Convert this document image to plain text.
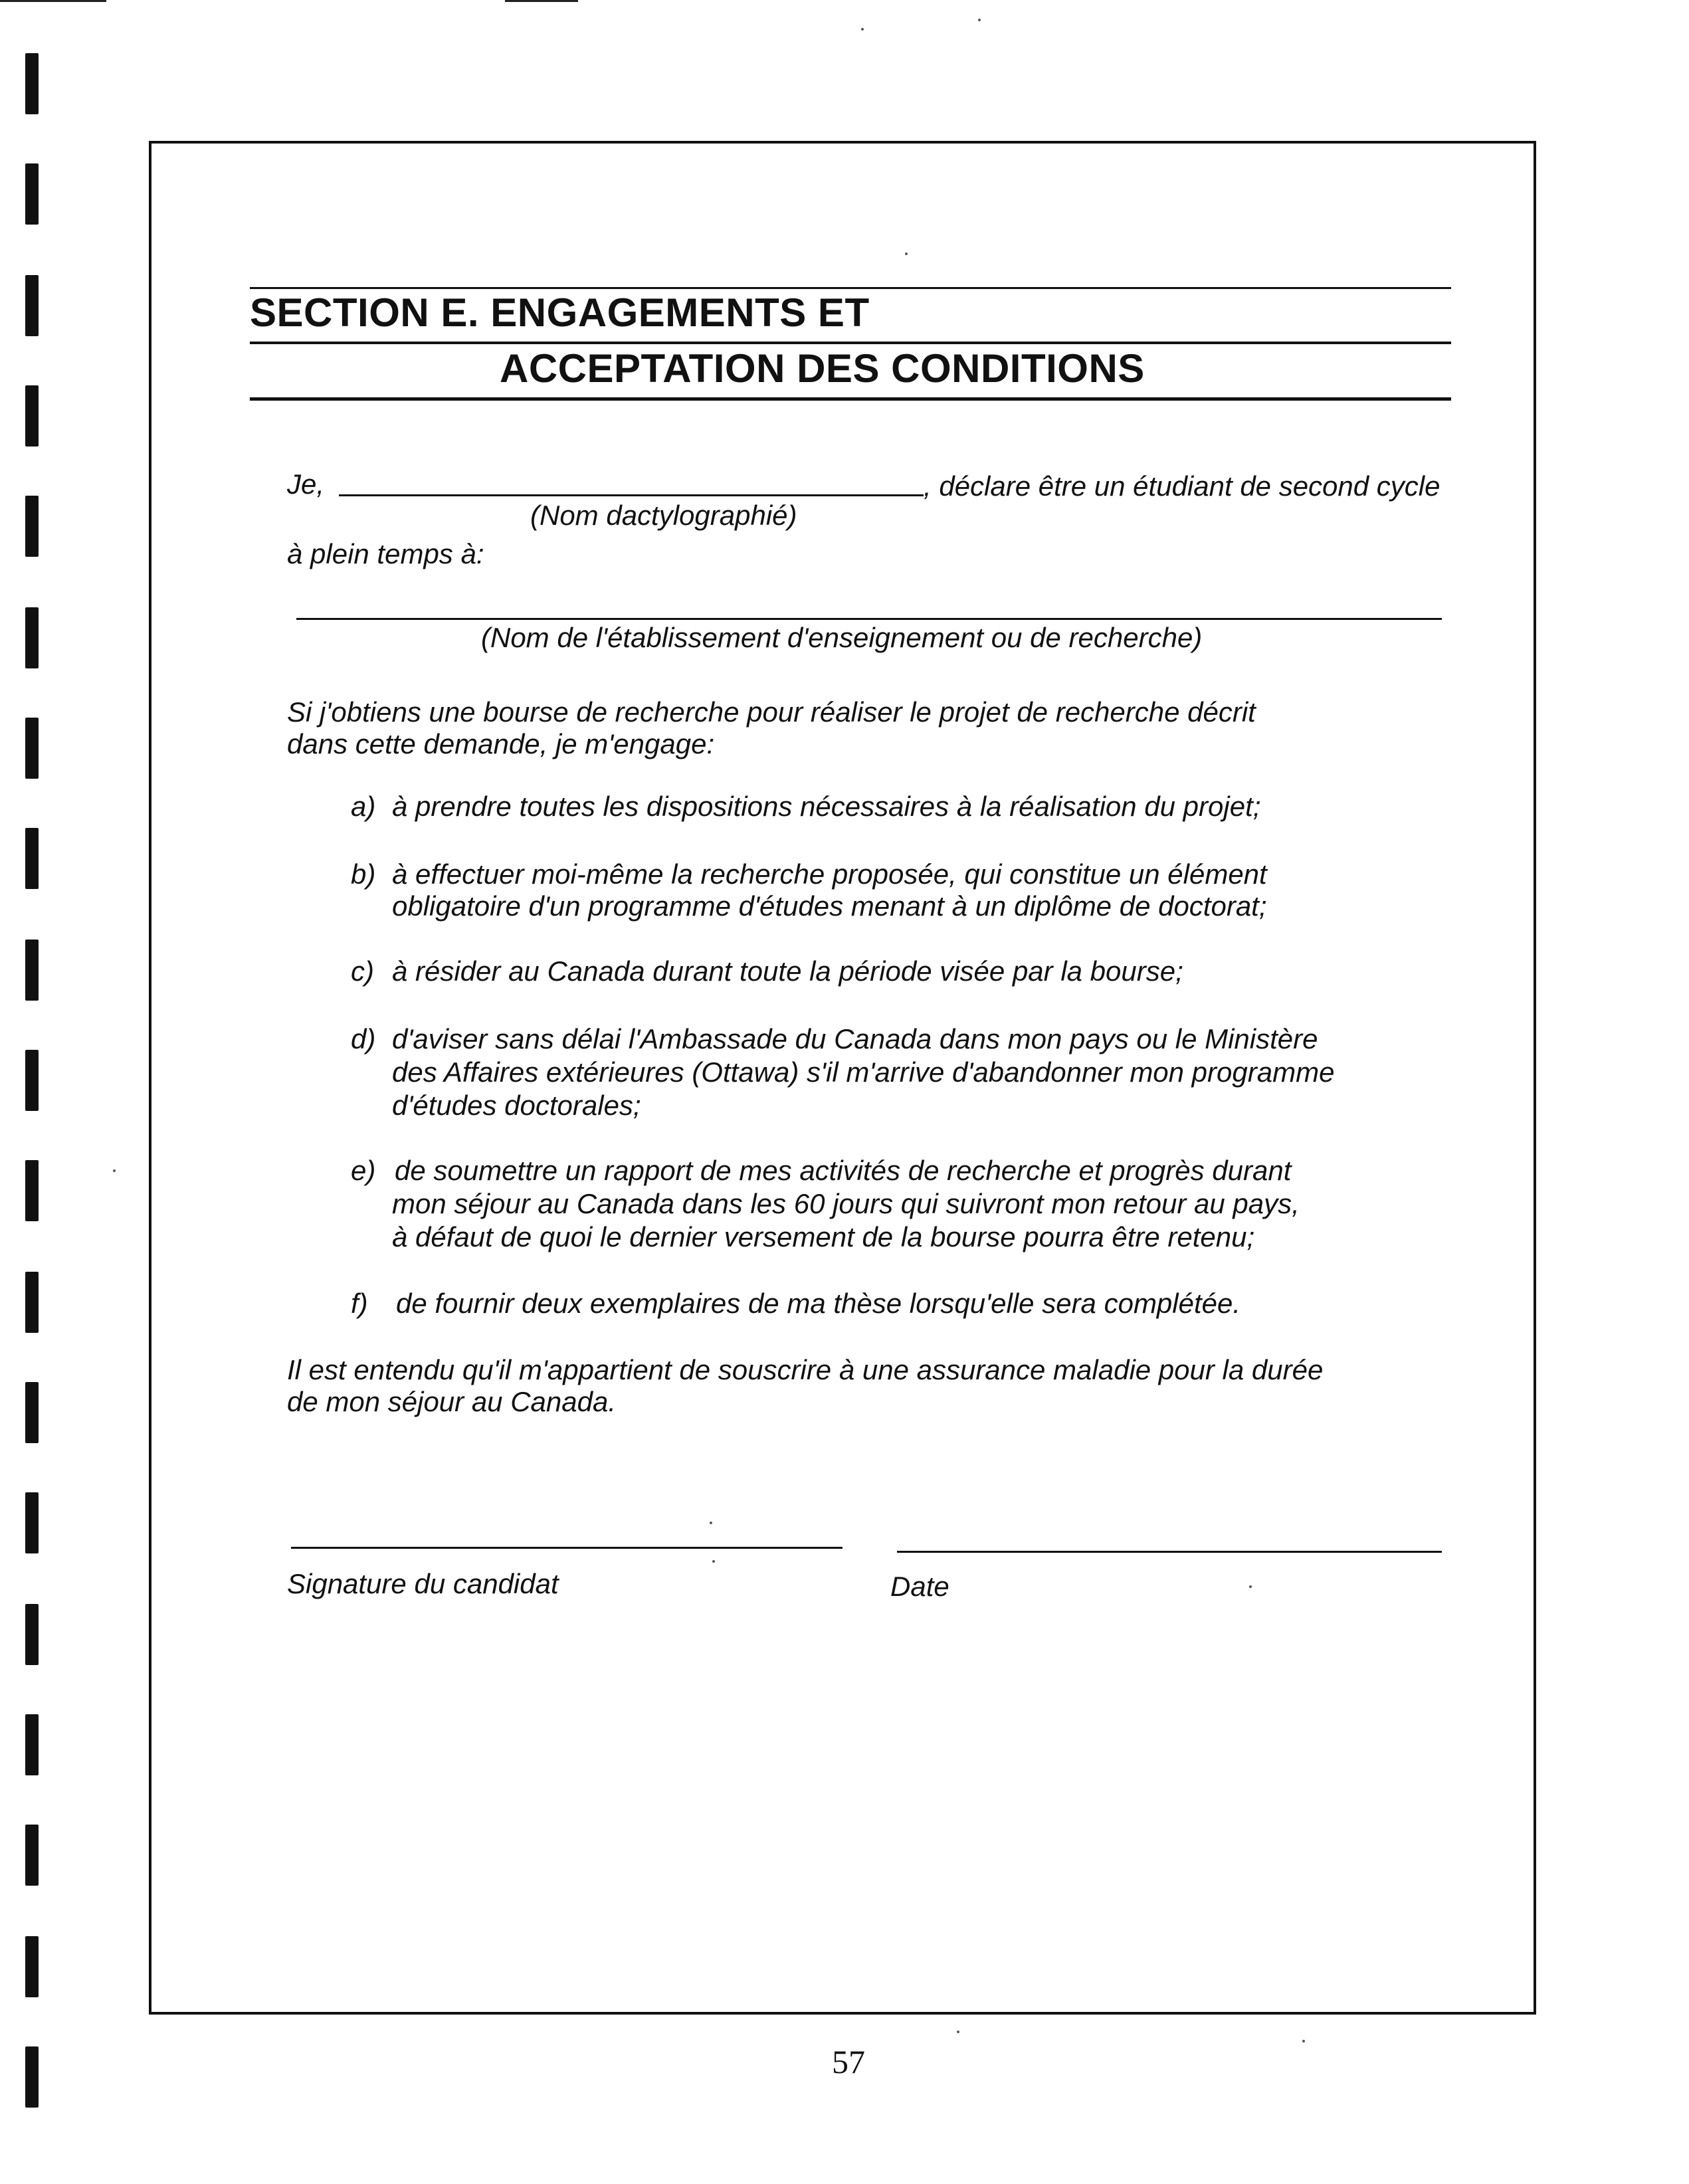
SECTION E. ENGAGEMENTS ET
ACCEPTATION DES CONDITIONS
Je,	, déclare être un étudiant de second cycle
(Nom dactylographié)
à plein temps à:
(Nom de l'établissement d'enseignement ou de recherche)
Si j'obtiens une bourse de recherche pour réaliser le projet de recherche décrit
dans cette demande, je m'engage:
a) à prendre toutes les dispositions nécessaires à la réalisation du projet;
b) à effectuer moi-même la recherche proposée, qui constitue un élément
obligatoire d'un programme d'études menant à un diplôme de doctorat;
c) à résider au Canada durant toute la période visée par la bourse;
d) d'aviser sans délai l'Ambassade du Canada dans mon pays ou le Ministère
des Affaires extérieures (Ottawa) s'il m'arrive d'abandonner mon programme
d'études doctorales;
e) de soumettre un rapport de mes activités de recherche et progrès durant
mon séjour au Canada dans les 60 jours qui suivront mon retour au pays,
à défaut de quoi le dernier versement de la bourse pourra être retenu;
f) de fournir deux exemplaires de ma thèse lorsqu'elle sera complétée.
Il est entendu qu'il m'appartient de souscrire à une assurance maladie pour la durée
de mon séjour au Canada.
Signature du candidat	Date
57
